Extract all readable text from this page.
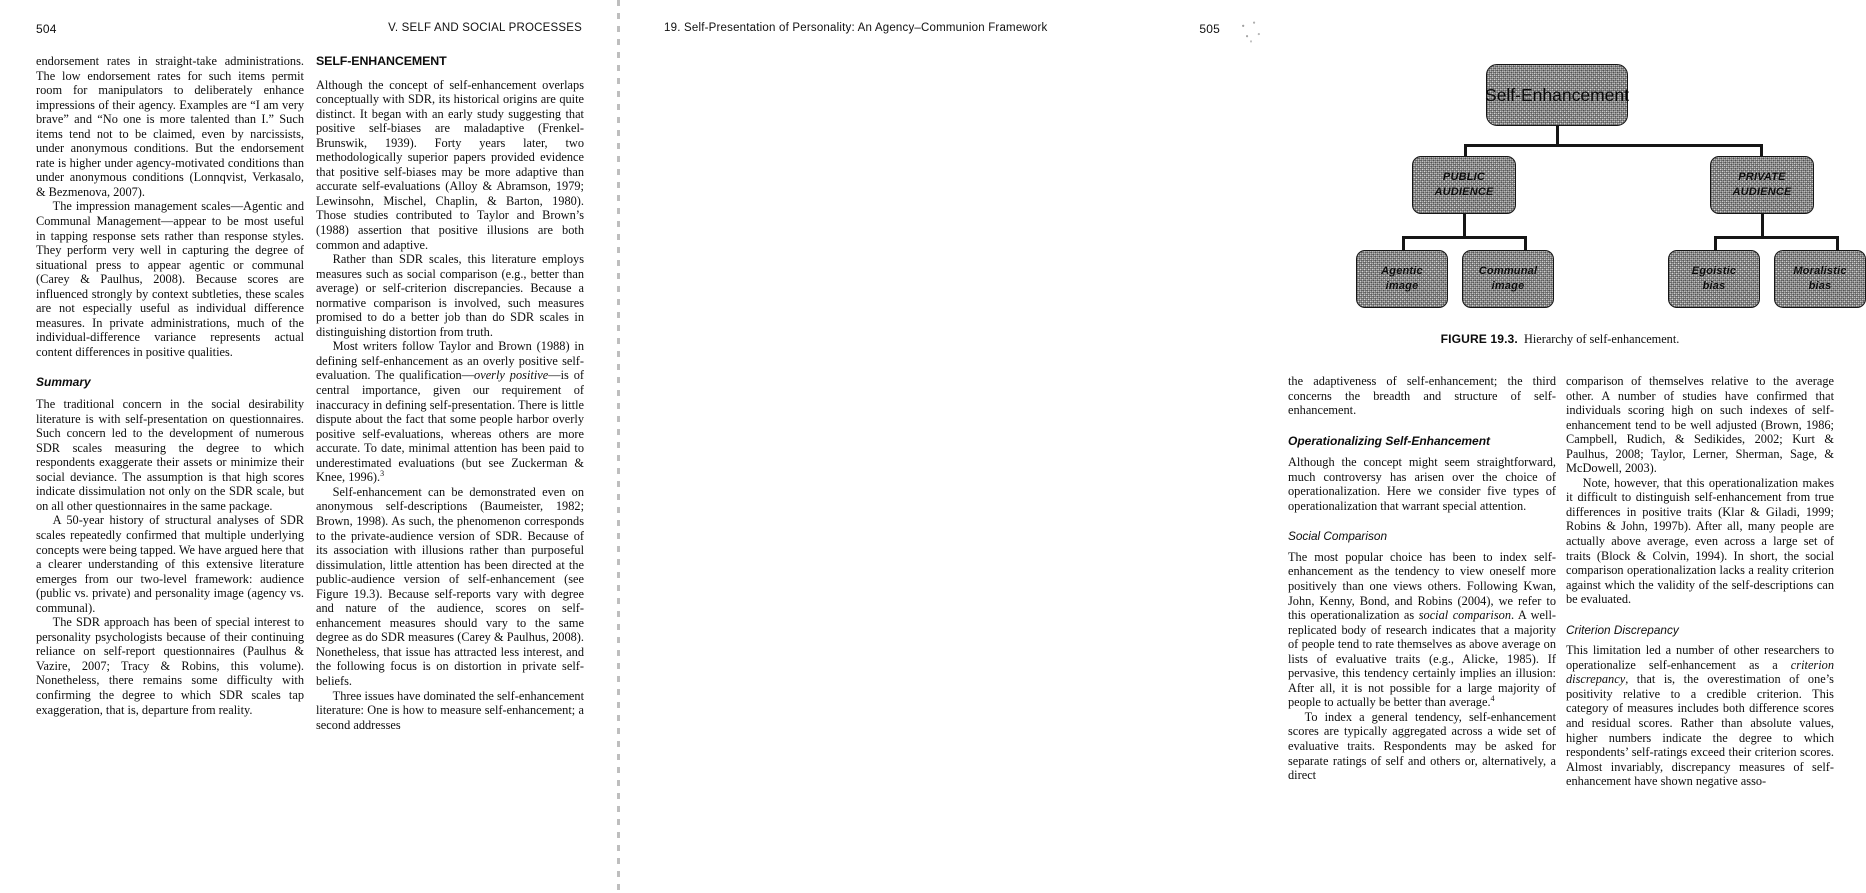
504	V. SELF AND SOCIAL PROCESSES

endorsement rates in straight-take administrations. The low endorsement rates for such items permit room for manipulators to deliberately enhance impressions of their agency. Examples are “I am very brave” and “No one is more talented than I.” Such items tend not to be claimed, even by narcissists, under anonymous conditions. But the endorsement rate is higher under agency-motivated conditions than under anonymous conditions (Lonnqvist, Verkasalo, & Bezmenova, 2007).

The impression management scales—Agentic and Communal Management—appear to be most useful in tapping response sets rather than response styles. They perform very well in capturing the degree of situational press to appear agentic or communal (Carey & Paulhus, 2008). Because scores are influenced strongly by context subtleties, these scales are not especially useful as individual difference measures. In private administrations, much of the individual-difference variance represents actual content differences in positive qualities.

Summary

The traditional concern in the social desirability literature is with self-presentation on questionnaires. Such concern led to the development of numerous SDR scales measuring the degree to which respondents exaggerate their assets or minimize their social deviance. The assumption is that high scores indicate dissimulation not only on the SDR scale, but on all other questionnaires in the same package.

A 50-year history of structural analyses of SDR scales repeatedly confirmed that multiple underlying concepts were being tapped. We have argued here that a clearer understanding of this extensive literature emerges from our two-level framework: audience (public vs. private) and personality image (agency vs. communal).

The SDR approach has been of special interest to personality psychologists because of their continuing reliance on self-report questionnaires (Paulhus & Vazire, 2007; Tracy & Robins, this volume). Nonetheless, there remains some difficulty with confirming the degree to which SDR scales tap exaggeration, that is, departure from reality.

SELF-ENHANCEMENT

Although the concept of self-enhancement overlaps conceptually with SDR, its historical origins are quite distinct. It began with an early study suggesting that positive self-biases are maladaptive (Frenkel-Brunswik, 1939). Forty years later, two methodologically superior papers provided evidence that positive self-biases may be more adaptive than accurate self-evaluations (Alloy & Abramson, 1979; Lewinsohn, Mischel, Chaplin, & Barton, 1980). Those studies contributed to Taylor and Brown’s (1988) assertion that positive illusions are both common and adaptive.

Rather than SDR scales, this literature employs measures such as social comparison (e.g., better than average) or self-criterion discrepancies. Because a normative comparison is involved, such measures promised to do a better job than do SDR scales in distinguishing distortion from truth.

Most writers follow Taylor and Brown (1988) in defining self-enhancement as an overly positive self-evaluation. The qualification—overly positive—is of central importance, given our requirement of inaccuracy in defining self-presentation. There is little dispute about the fact that some people harbor overly positive self-evaluations, whereas others are more accurate. To date, minimal attention has been paid to underestimated evaluations (but see Zuckerman & Knee, 1996).$^3$

Self-enhancement can be demonstrated even on anonymous self-descriptions (Baumeister, 1982; Brown, 1998). As such, the phenomenon corresponds to the private-audience version of SDR. Because of its association with illusions rather than purposeful dissimulation, little attention has been directed at the public-audience version of self-enhancement (see Figure 19.3). Because self-reports vary with degree and nature of the audience, scores on self-enhancement measures should vary to the same degree as do SDR measures (Carey & Paulhus, 2008). Nonetheless, that issue has attracted less interest, and the following focus is on distortion in private self-beliefs.

Three issues have dominated the self-enhancement literature: One is how to measure self-enhancement; a second addresses

19. Self-Presentation of Personality: An Agency–Communion Framework	505
Self-Enhancement
PUBLIC
AUDIENCE
PRIVATE
AUDIENCE
Agentic
image
Communal
image
Egoistic
bias
Moralistic
bias
FIGURE 19.3. Hierarchy of self-enhancement.

the adaptiveness of self-enhancement; the third concerns the breadth and structure of self-enhancement.

Operationalizing Self-Enhancement

Although the concept might seem straightforward, much controversy has arisen over the choice of operationalization. Here we consider five types of operationalization that warrant special attention.

Social Comparison

The most popular choice has been to index self-enhancement as the tendency to view oneself more positively than one views others. Following Kwan, John, Kenny, Bond, and Robins (2004), we refer to this operationalization as social comparison. A well-replicated body of research indicates that a majority of people tend to rate themselves as above average on lists of evaluative traits (e.g., Alicke, 1985). If pervasive, this tendency certainly implies an illusion: After all, it is not possible for a large majority of people to actually be better than average.$^4$

To index a general tendency, self-enhancement scores are typically aggregated across a wide set of evaluative traits. Respondents may be asked for separate ratings of self and others or, alternatively, a direct

comparison of themselves relative to the average other. A number of studies have confirmed that individuals scoring high on such indexes of self-enhancement tend to be well adjusted (Brown, 1986; Campbell, Rudich, & Sedikides, 2002; Kurt & Paulhus, 2008; Taylor, Lerner, Sherman, Sage, & McDowell, 2003).

Note, however, that this operationalization makes it difficult to distinguish self-enhancement from true differences in positive traits (Klar & Giladi, 1999; Robins & John, 1997b). After all, many people are actually above average, even across a large set of traits (Block & Colvin, 1994). In short, the social comparison operationalization lacks a reality criterion against which the validity of the self-descriptions can be evaluated.

Criterion Discrepancy

This limitation led a number of other researchers to operationalize self-enhancement as a criterion discrepancy, that is, the overestimation of one’s positivity relative to a credible criterion. This category of measures includes both difference scores and residual scores. Rather than absolute values, higher numbers indicate the degree to which respondents’ self-ratings exceed their criterion scores. Almost invariably, discrepancy measures of self-enhancement have shown negative asso-
